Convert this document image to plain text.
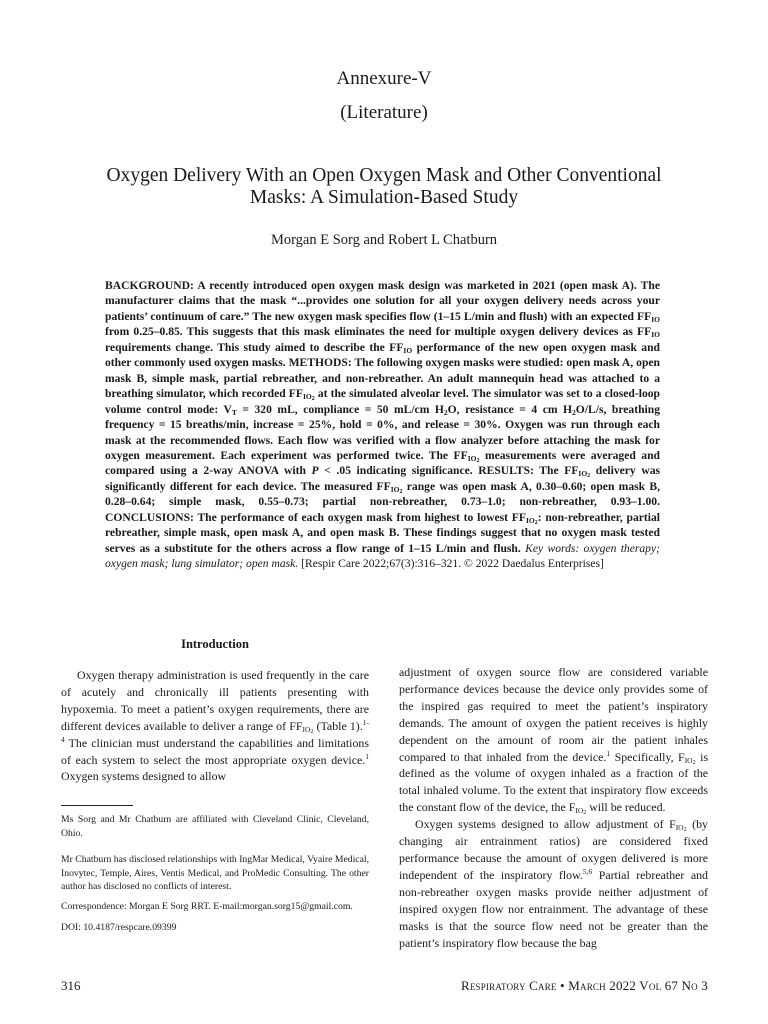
Annexure-V
(Literature)
Oxygen Delivery With an Open Oxygen Mask and Other Conventional
Masks: A Simulation-Based Study
Morgan E Sorg and Robert L Chatburn
BACKGROUND: A recently introduced open oxygen mask design was marketed in 2021 (open mask A). The manufacturer claims that the mask “...provides one solution for all your oxygen delivery needs across your patients’ continuum of care.” The new oxygen mask specifies flow (1–15 L/min and flush) with an expected $FF_{IO}$ from 0.25–0.85. This suggests that this mask eliminates the need for multiple oxygen delivery devices as $FF_{IO}$ requirements change. This study aimed to describe the $FF_{IO}$ performance of the new open oxygen mask and other commonly used oxygen masks. METHODS: The following oxygen masks were studied: open mask A, open mask B, simple mask, partial rebreather, and non-rebreather. An adult mannequin head was attached to a breathing simulator, which recorded $FF_{IO_2}$ at the simulated alveolar level. The simulator was set to a closed-loop volume control mode: $V_T = 320$ mL, compliance = 50 mL/cm $H_2O$, resistance = 4 cm $H_2O/L/s$, breathing frequency = 15 breaths/min, increase = 25%, hold = 0%, and release = 30%. Oxygen was run through each mask at the recommended flows. Each flow was verified with a flow analyzer before attaching the mask for oxygen measurement. Each experiment was performed twice. The $FF_{IO_2}$ measurements were averaged and compared using a 2-way ANOVA with P < .05 indicating significance. RESULTS: The $FF_{IO_2}$ delivery was significantly different for each device. The measured $FF_{IO_2}$ range was open mask A, 0.30–0.60; open mask B, 0.28–0.64; simple mask, 0.55–0.73; partial non-rebreather, 0.73–1.0; non-rebreather, 0.93–1.00. CONCLUSIONS: The performance of each oxygen mask from highest to lowest $FF_{IO_2}$: non-rebreather, partial rebreather, simple mask, open mask A, and open mask B. These findings suggest that no oxygen mask tested serves as a substitute for the others across a flow range of 1–15 L/min and flush. Key words: oxygen therapy; oxygen mask; lung simulator; open mask. [Respir Care 2022;67(3):316–321. © 2022 Daedalus Enterprises]
Introduction

Oxygen therapy administration is used frequently in the care of acutely and chronically ill patients presenting with hypoxemia. To meet a patient’s oxygen requirements, there are different devices available to deliver a range of $FF_{IO_2}$ (Table 1).$^{1-4}$ The clinician must understand the capabilities and limitations of each system to select the most appropriate oxygen device.$^1$ Oxygen systems designed to allow

adjustment of oxygen source flow are considered variable performance devices because the device only provides some of the inspired gas required to meet the patient’s inspiratory demands. The amount of oxygen the patient receives is highly dependent on the amount of room air the patient inhales compared to that inhaled from the device.$^1$ Specifically, $F_{IO_2}$ is defined as the volume of oxygen inhaled as a fraction of the total inhaled volume. To the extent that inspiratory flow exceeds the constant flow of the device, the $F_{IO_2}$ will be reduced.

Oxygen systems designed to allow adjustment of $F_{IO_2}$ (by changing air entrainment ratios) are considered fixed performance because the amount of oxygen delivered is more independent of the inspiratory flow.$^{5,6}$ Partial rebreather and non-rebreather oxygen masks provide neither adjustment of inspired oxygen flow nor entrainment. The advantage of these masks is that the source flow need not be greater than the patient’s inspiratory flow because the bag

Ms Sorg and Mr Chatburn are affiliated with Cleveland Clinic, Cleveland, Ohio.
Mr Chatburn has disclosed relationships with IngMar Medical, Vyaire Medical, Inovytec, Temple, Aires, Ventis Medical, and ProMedic Consulting. The other author has disclosed no conflicts of interest.
Correspondence: Morgan E Sorg RRT. E-mail:morgan.sorg15@gmail.com.
DOI: 10.4187/respcare.09399
316	Respiratory Care • March 2022 Vol 67 No 3
